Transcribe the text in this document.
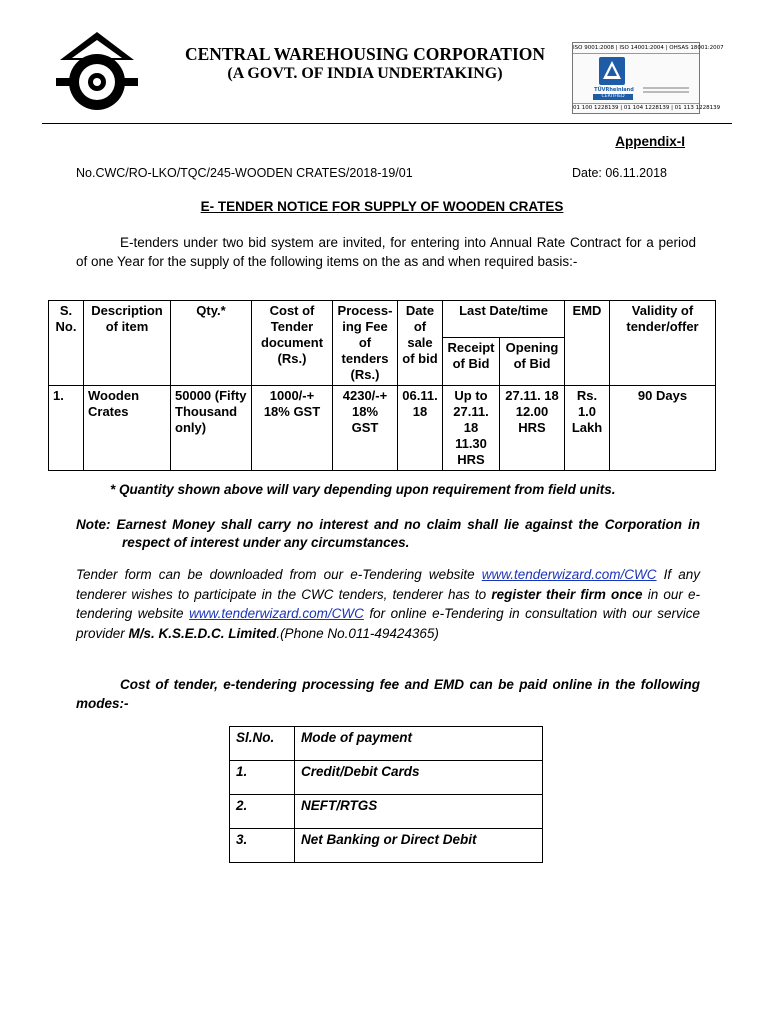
CENTRAL WAREHOUSING CORPORATION
(A GOVT. OF INDIA UNDERTAKING)
ISO 9001:2008 | ISO 14001:2004 | OHSAS 18001:2007
TÜVRheinland
CERTIFIED
01 100 1228139 | 01 104 1228139 | 01 113 1228139
Appendix-I
No.CWC/RO-LKO/TQC/245-WOODEN CRATES/2018-19/01	Date: 06.11.2018
E- TENDER NOTICE FOR SUPPLY OF WOODEN CRATES
E-tenders under two bid system are invited, for entering into Annual Rate Contract for a period of one Year for the supply of the following items on the as and when required basis:-
S. No.	Description of item	Qty.*	Cost of Tender document (Rs.)	Process-ing Fee of tenders (Rs.)	Date of sale of bid	Last Date/time		EMD	Validity of tender/offer
						Receipt of Bid	Opening of Bid		
1.	Wooden Crates	50000 (Fifty Thousand only)	1000/-+ 18% GST	4230/-+ 18% GST	06.11. 18	Up to 27.11. 18 11.30 HRS	27.11. 18 12.00 HRS	Rs. 1.0 Lakh	90 Days
* Quantity shown above will vary depending upon requirement from field units.
Note: Earnest Money shall carry no interest and no claim shall lie against the Corporation in respect of interest under any circumstances.
Tender form can be downloaded from our e-Tendering website www.tenderwizard.com/CWC If any tenderer wishes to participate in the CWC tenders, tenderer has to register their firm once in our e-tendering website www.tenderwizard.com/CWC for online e-Tendering in consultation with our service provider M/s. K.S.E.D.C. Limited.(Phone No.011-49424365)
Cost of tender, e-tendering processing fee and EMD can be paid online in the following modes:-
Sl.No.	Mode of payment
1.	Credit/Debit Cards
2.	NEFT/RTGS
3.	Net Banking or Direct Debit
